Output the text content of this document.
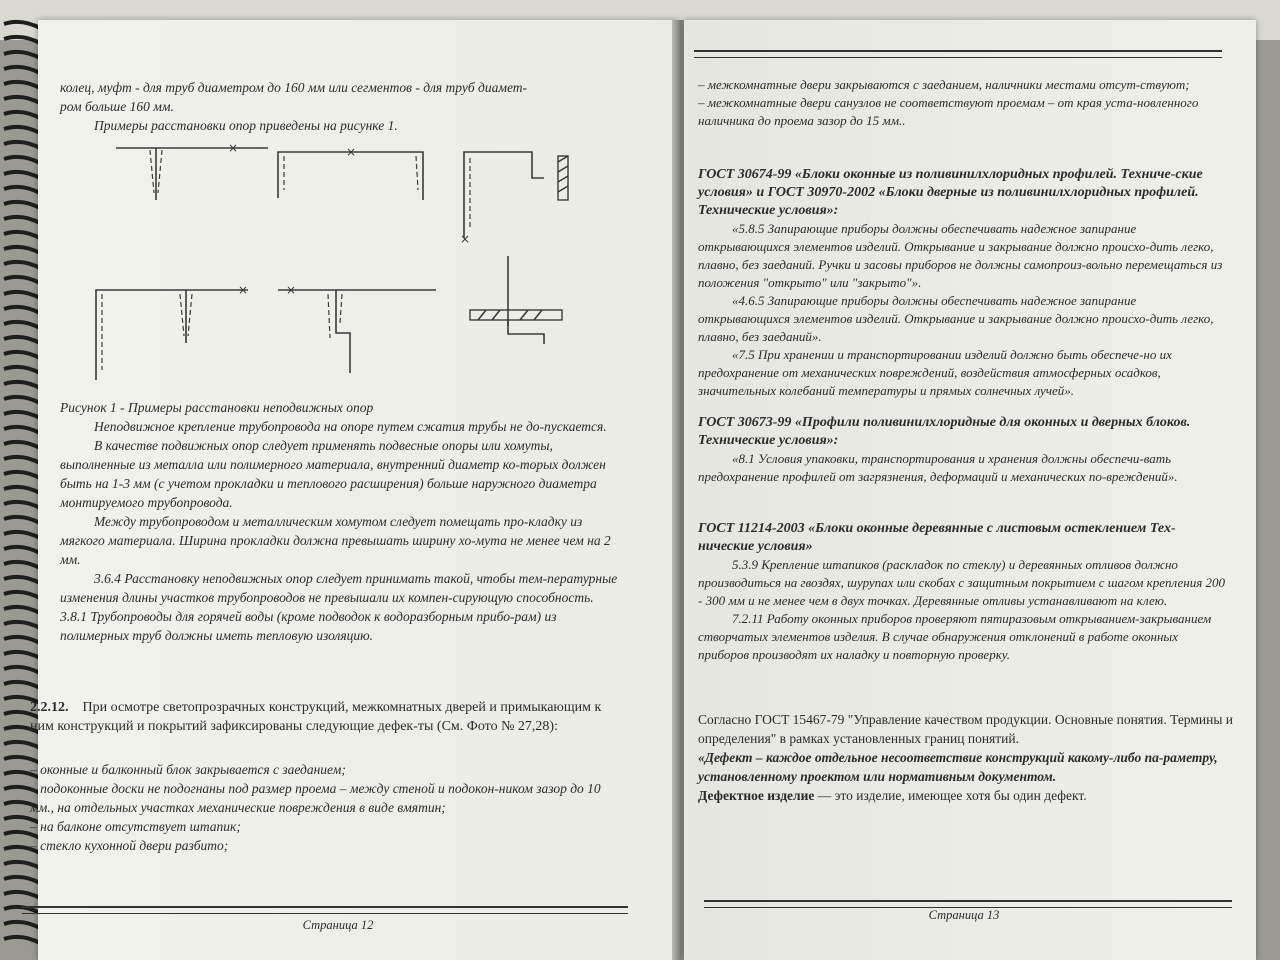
колец, муфт - для труб диаметром до 160 мм или сегментов - для труб диамет-

ром больше 160 мм.

Примеры расстановки опор приведены на рисунке 1.

×	×
×
×	×

Рисунок 1 - Примеры расстановки неподвижных опор

Неподвижное крепление трубопровода на опоре путем сжатия трубы не до-пускается.

В качестве подвижных опор следует применять подвесные опоры или хомуты, выполненные из металла или полимерного материала, внутренний диаметр ко-торых должен быть на 1-3 мм (с учетом прокладки и теплового расширения) больше наружного диаметра монтируемого трубопровода.

Между трубопроводом и металлическим хомутом следует помещать про-кладку из мягкого материала. Ширина прокладки должна превышать ширину хо-мута не менее чем на 2 мм.

3.6.4 Расстановку неподвижных опор следует принимать такой, чтобы тем-пературные изменения длины участков трубопроводов не превышали их компен-сирующую способность.

3.8.1 Трубопроводы для горячей воды (кроме подводок к водоразборным прибо-рам) из полимерных труб должны иметь тепловую изоляцию.

2.2.12. При осмотре светопрозрачных конструкций, межкомнатных дверей и примыкающим к ним конструкций и покрытий зафиксированы следующие дефек-ты (См. Фото № 27,28):

– оконные и балконный блок закрывается с заеданием;

– подоконные доски не подогнаны под размер проема – между стеной и подокон-ником зазор до 10 мм., на отдельных участках механические повреждения в виде вмятин;

– на балконе отсутствует штапик;

– стекло кухонной двери разбито;

Страница 12

– межкомнатные двери закрываются с заеданием, наличники местами отсут-ствуют;

– межкомнатные двери санузлов не соответствуют проемам – от края уста-новленного наличника до проема зазор до 15 мм..

ГОСТ 30674-99 «Блоки оконные из поливинилхлоридных профилей. Техниче-ские условия» и ГОСТ 30970-2002 «Блоки дверные из поливинилхлоридных профилей. Технические условия»:

«5.8.5 Запирающие приборы должны обеспечивать надежное запирание открывающихся элементов изделий. Открывание и закрывание должно происхо-дить легко, плавно, без заеданий. Ручки и засовы приборов не должны самопроиз-вольно перемещаться из положения "открыто" или "закрыто"».

«4.6.5 Запирающие приборы должны обеспечивать надежное запирание открывающихся элементов изделий. Открывание и закрывание должно происхо-дить легко, плавно, без заеданий».

«7.5 При хранении и транспортировании изделий должно быть обеспече-но их предохранение от механических повреждений, воздействия атмосферных осадков, значительных колебаний температуры и прямых солнечных лучей».

ГОСТ 30673-99 «Профили поливинилхлоридные для оконных и дверных блоков. Технические условия»:

«8.1 Условия упаковки, транспортирования и хранения должны обеспечи-вать предохранение профилей от загрязнения, деформаций и механических по-вреждений».

ГОСТ 11214-2003 «Блоки оконные деревянные с листовым остеклением Тех-нические условия»

5.3.9 Крепление штапиков (раскладок по стеклу) и деревянных отливов должно производиться на гвоздях, шурупах или скобах с защитным покрытием с шагом крепления 200 - 300 мм и не менее чем в двух точках. Деревянные отливы устанавливают на клею.

7.2.11 Работу оконных приборов проверяют пятиразовым открыванием-закрыванием створчатых элементов изделия. В случае обнаружения отклонений в работе оконных приборов производят их наладку и повторную проверку.

Согласно ГОСТ 15467-79 "Управление качеством продукции. Основные понятия. Термины и определения" в рамках установленных границ понятий.

«Дефект – каждое отдельное несоответствие конструкций какому-либо па-раметру, установленному проектом или нормативным документом.

Дефектное изделие — это изделие, имеющее хотя бы один дефект.

Страница 13
